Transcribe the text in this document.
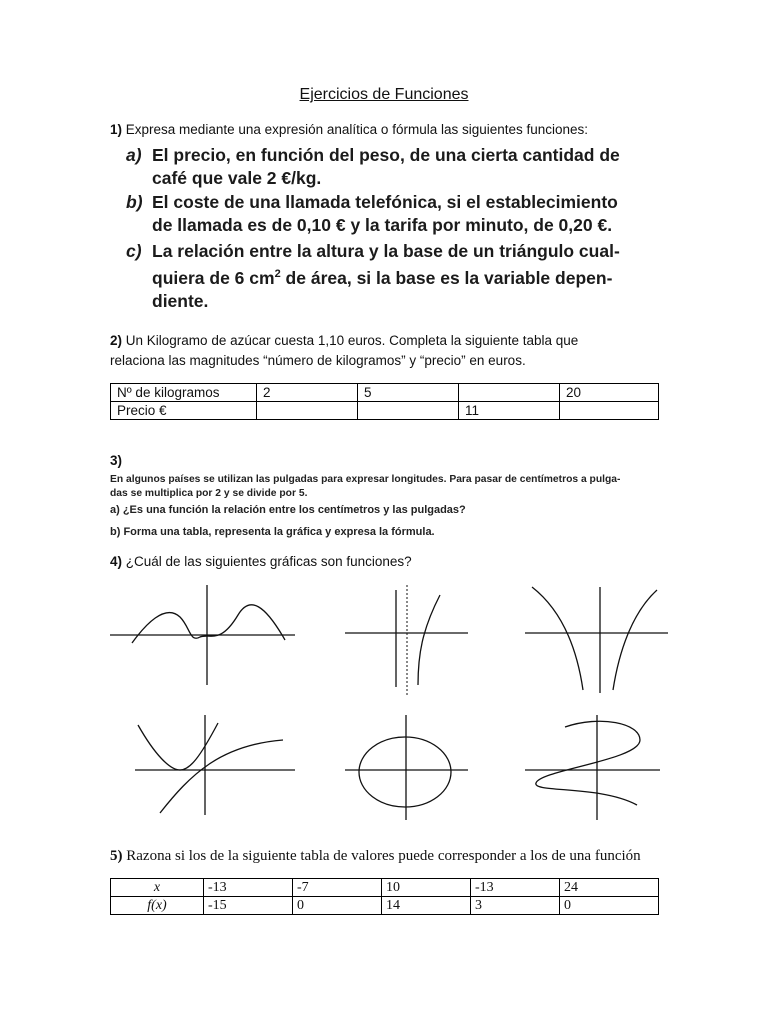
Ejercicios de Funciones
1) Expresa mediante una expresión analítica o fórmula las siguientes funciones:
a) El precio, en función del peso, de una cierta cantidad de
café que vale 2 €/kg.
b) El coste de una llamada telefónica, si el establecimiento
de llamada es de 0,10 € y la tarifa por minuto, de 0,20 €.
c) La relación entre la altura y la base de un triángulo cual-
quiera de 6 $cm^2$ de área, si la base es la variable depen-
diente.
2) Un Kilogramo de azúcar cuesta 1,10 euros. Completa la siguiente tabla que
relaciona las magnitudes “número de kilogramos” y “precio” en euros.
Nº de kilogramos	2	5		20
Precio €			11	
3)
En algunos países se utilizan las pulgadas para expresar longitudes. Para pasar de centímetros a pulga-
das se multiplica por 2 y se divide por 5.
a) ¿Es una función la relación entre los centímetros y las pulgadas?
b) Forma una tabla, representa la gráfica y expresa la fórmula.
4) ¿Cuál de las siguientes gráficas son funciones?
5) Razona si los de la siguiente tabla de valores puede corresponder a los de una función
x	-13	-7	10	-13	24
f(x)	-15	0	14	3	0
